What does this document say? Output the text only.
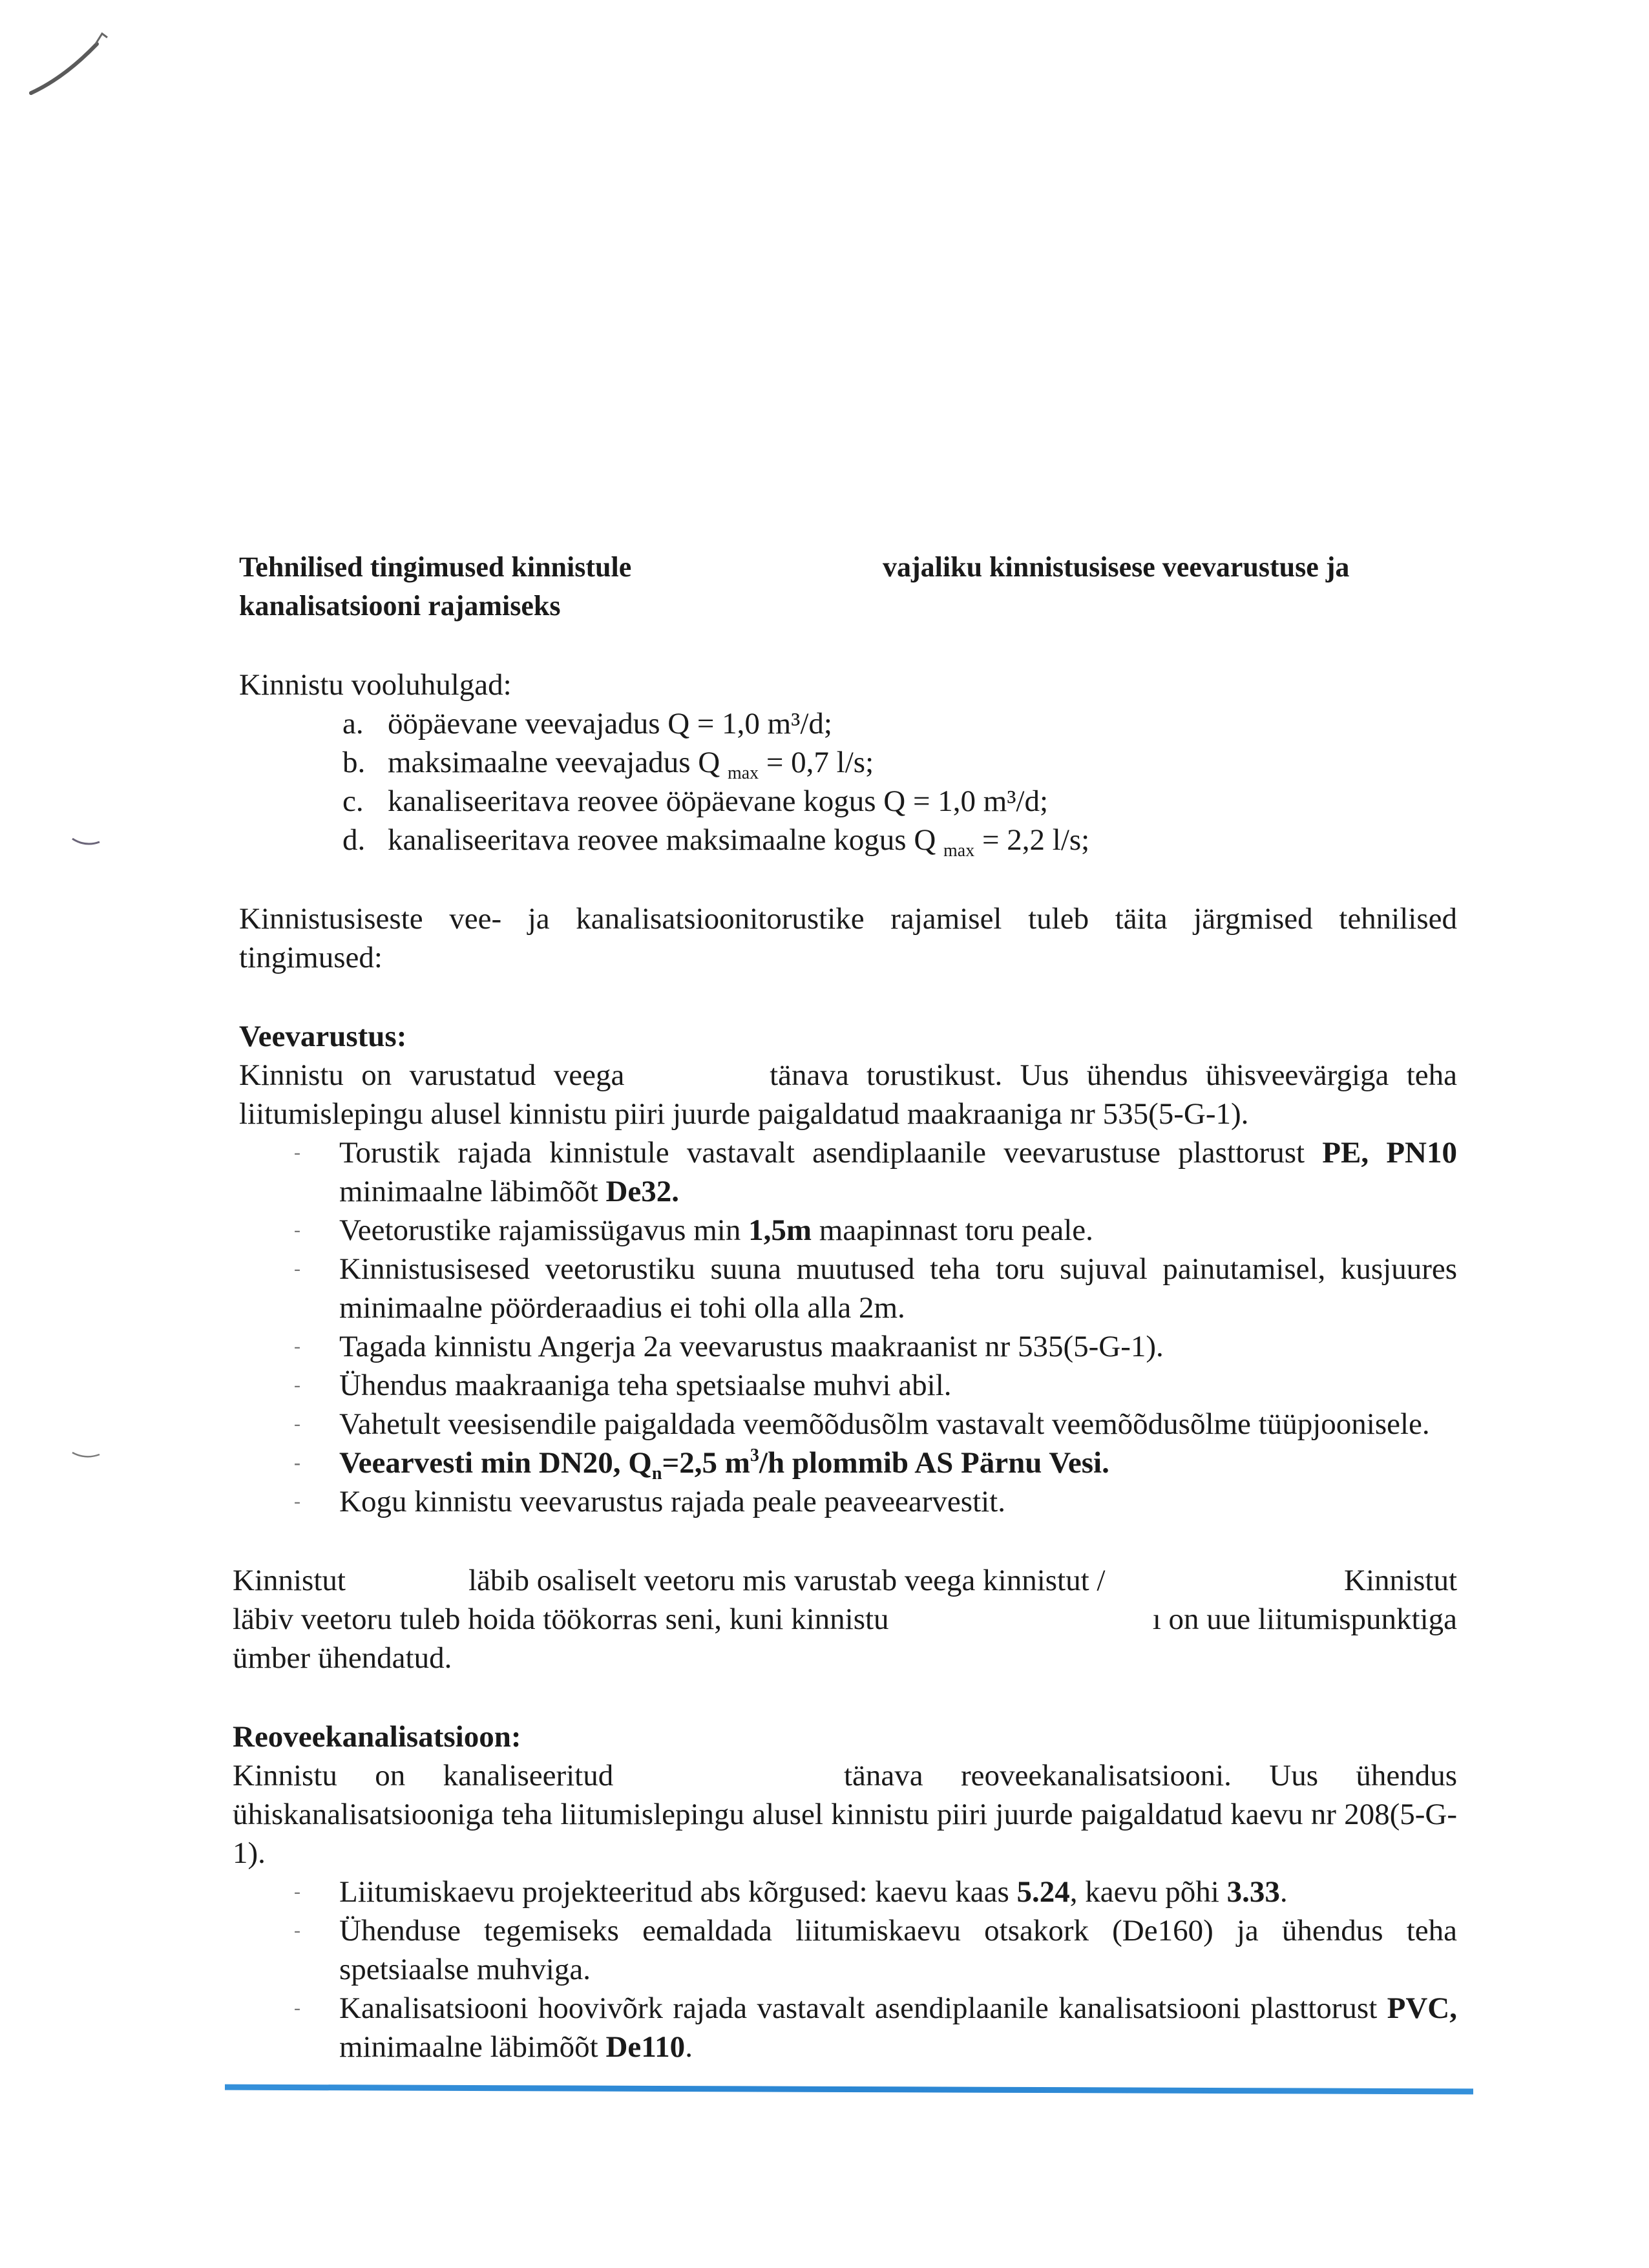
Tehnilised tingimused kinnistule	vajaliku kinnistusisese veevarustuse ja
kanalisatsiooni rajamiseks

Kinnistu vooluhulgad:

a. ööpäevane veevajadus Q = 1,0 m³/d;
b. maksimaalne veevajadus Q $_{max}$ = 0,7 l/s;
c. kanaliseeritava reovee ööpäevane kogus Q = 1,0 m³/d;
d. kanaliseeritava reovee maksimaalne kogus Q $_{max}$ = 2,2 l/s;

Kinnistusiseste vee- ja kanalisatsioonitorustike rajamisel tuleb täita järgmised tehnilised tingimused:

Veevarustus:

Kinnistu on varustatud veega	tänava torustikust. Uus ühendus ühisveevärgiga teha liitumislepingu alusel kinnistu piiri juurde paigaldatud maakraaniga nr 535(5-G-1).

- Torustik rajada kinnistule vastavalt asendiplaanile veevarustuse plasttorust PE, PN10 minimaalne läbimõõt De32.
- Veetorustike rajamissügavus min 1,5m maapinnast toru peale.
- Kinnistusisesed veetorustiku suuna muutused teha toru sujuval painutamisel, kusjuures minimaalne pöörderaadius ei tohi olla alla 2m.
- Tagada kinnistu Angerja 2a veevarustus maakraanist nr 535(5-G-1).
- Ühendus maakraaniga teha spetsiaalse muhvi abil.
- Vahetult veesisendile paigaldada veemõõdusõlm vastavalt veemõõdusõlme tüüpjoonisele.
- Veearvesti min DN20, $Q_n=2,5$ $m^3/h$ plommib AS Pärnu Vesi.
- Kogu kinnistu veevarustus rajada peale peaveearvestit.
Kinnistut	läbib osaliselt veetoru mis varustab veega kinnistut /	Kinnistut
läbiv veetoru tuleb hoida töökorras seni, kuni kinnistu	ı on uue liitumispunktiga
ümber ühendatud.

Reoveekanalisatsioon:

Kinnistu on kanaliseeritud	tänava reoveekanalisatsiooni. Uus ühendus ühiskanalisatsiooniga teha liitumislepingu alusel kinnistu piiri juurde paigaldatud kaevu nr 208(5-G-1).

- Liitumiskaevu projekteeritud abs kõrgused: kaevu kaas 5.24, kaevu põhi 3.33.
- Ühenduse tegemiseks eemaldada liitumiskaevu otsakork (De160) ja ühendus teha spetsiaalse muhviga.
- Kanalisatsiooni hoovivõrk rajada vastavalt asendiplaanile kanalisatsiooni plasttorust PVC, minimaalne läbimõõt De110.
